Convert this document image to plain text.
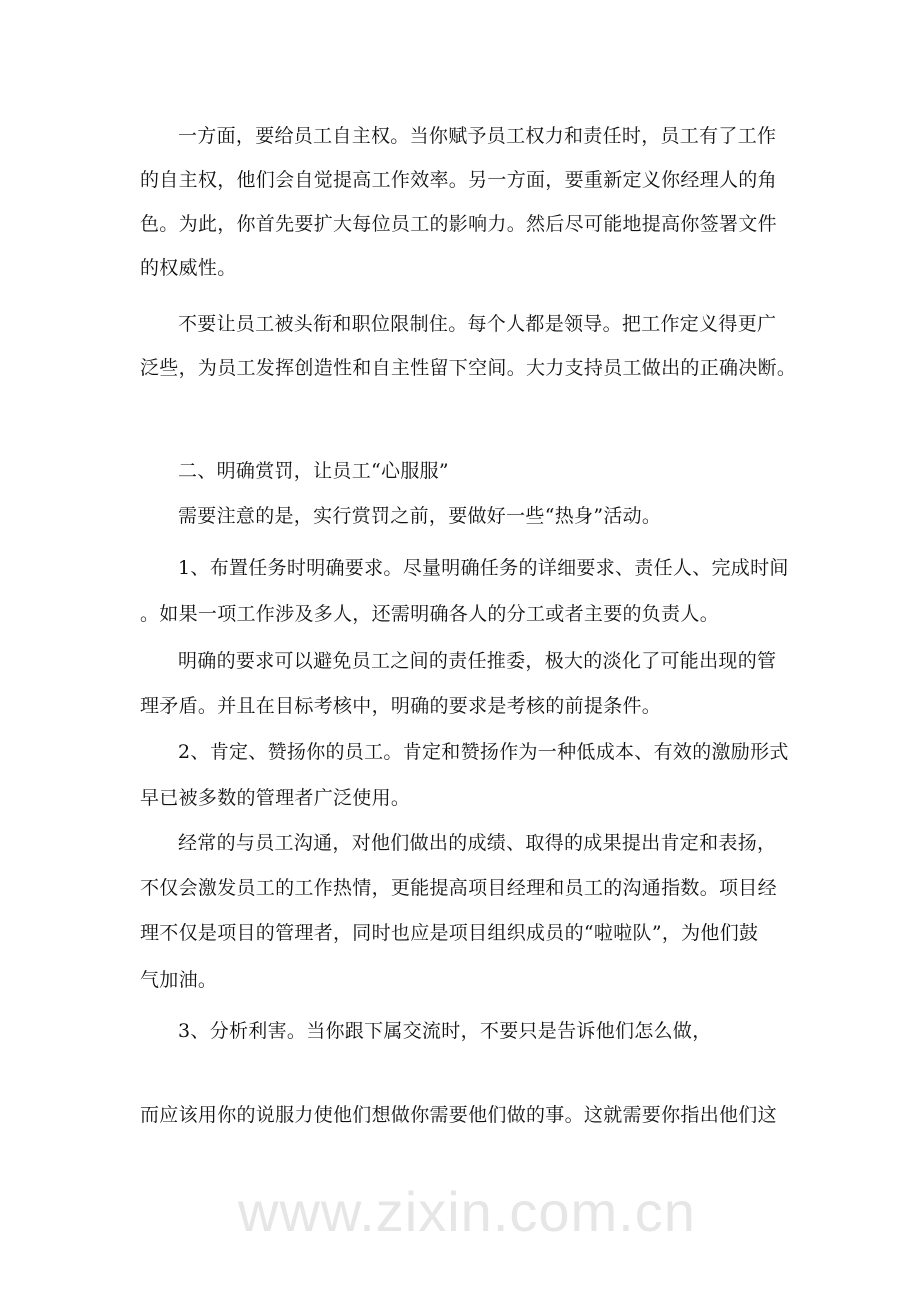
一方面，要给员工自主权。当你赋予员工权力和责任时，员工有了工作
的自主权，他们会自觉提高工作效率。另一方面，要重新定义你经理人的角
色。为此，你首先要扩大每位员工的影响力。然后尽可能地提高你签署文件
的权威性。
不要让员工被头衔和职位限制住。每个人都是领导。把工作定义得更广
泛些，为员工发挥创造性和自主性留下空间。大力支持员工做出的正确决断。
二、明确赏罚，让员工“心服服”
需要注意的是，实行赏罚之前，要做好一些“热身”活动。
1、布置任务时明确要求。尽量明确任务的详细要求、责任人、完成时间
。如果一项工作涉及多人，还需明确各人的分工或者主要的负责人。
明确的要求可以避免员工之间的责任推委，极大的淡化了可能出现的管
理矛盾。并且在目标考核中，明确的要求是考核的前提条件。
2、肯定、赞扬你的员工。肯定和赞扬作为一种低成本、有效的激励形式
早已被多数的管理者广泛使用。
经常的与员工沟通，对他们做出的成绩、取得的成果提出肯定和表扬，
不仅会激发员工的工作热情，更能提高项目经理和员工的沟通指数。项目经
理不仅是项目的管理者，同时也应是项目组织成员的“啦啦队”，为他们鼓
气加油。
3、分析利害。当你跟下属交流时，不要只是告诉他们怎么做，
而应该用你的说服力使他们想做你需要他们做的事。这就需要你指出他们这
www.zixin.com.cn
